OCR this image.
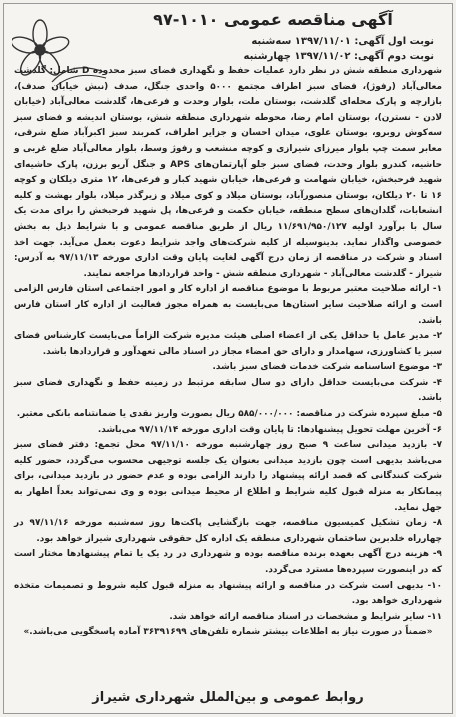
آگهی مناقصه عمومی ۱۰۱۰-۹۷
نوبت اول آگهی: ۱۳۹۷/۱۱/۰۱ سه‌شنبه
نوبت دوم آگهی: ۱۳۹۷/۱۱/۰۲ چهارشنبه

شهرداری منطقه شش در نظر دارد عملیات حفظ و نگهداری فضای سبز محدوده D شامل: گلدشت معالی‌آباد (رفوژ)، فضای سبز اطراف مجتمع ۵۰۰۰ واحدی جنگل، صدف (نبش خیابان صدف)، بازارچه و پارک محله‌ای گلدشت، بوستان ملت، بلوار وحدت و فرعی‌ها، گلدشت معالی‌آباد (خیابان لادن - نسترن)، بوستان امام رضا، محوطه شهرداری منطقه شش، بوستان اندیشه و فضای سبز سه‌کوش روبرو، بوستان علوی، میدان احسان و جزایر اطراف، کمربند سبز اکبرآباد ضلع شرقی، معابر سمت چپ بلوار میرزای شیرازی و کوچه منشعب و رفوژ وسط، بلوار معالی‌آباد ضلع غربی و حاشیه، کندرو بلوار وحدت، فضای سبز جلو آپارتمان‌های APS و جنگل آریو برزن، پارک حاشیه‌ای شهید فرحبخش، خیابان شهامت و فرعی‌ها، خیابان شهید کبار و فرعی‌ها، ۱۲ متری دیلکان و کوچه ۱۶ تا ۲۰ دیلکان، بوستان منصورآباد، بوستان میلاد و کوی میلاد و زیرگذر میلاد، بلوار بهشت و کلیه انشعابات، گلدان‌های سطح منطقه، خیابان حکمت و فرعی‌ها، پل شهید فرحبخش را برای مدت یک سال با برآورد اولیه ۱۱/۶۹۱/۹۵۰/۱۲۷ ریال از طریق مناقصه عمومی و با شرایط ذیل به بخش خصوصی واگذار نماید. بدینوسیله از کلیه شرکت‌های واجد شرایط دعوت بعمل می‌آید. جهت اخذ اسناد و شرکت در مناقصه از زمان درج آگهی لغایت پایان وقت اداری مورخه ۹۷/۱۱/۱۳ به آدرس: شیراز - گلدشت معالی‌آباد - شهرداری منطقه شش - واحد قراردادها مراجعه نمایند.

۱- ارائه صلاحیت معتبر مربوط با موضوع مناقصه از اداره کار و امور اجتماعی استان فارس الزامی است و ارائه صلاحیت سایر استان‌ها می‌بایست به همراه مجوز فعالیت از اداره کار استان فارس باشد.

۲- مدیر عامل یا حداقل یکی از اعضاء اصلی هیئت مدیره شرکت الزاماً می‌بایست کارشناس فضای سبز یا کشاورزی، سهامدار و دارای حق امضاء مجاز در اسناد مالی تعهدآور و قراردادها باشد.

۳- موضوع اساسنامه شرکت خدمات فضای سبز باشد.

۴- شرکت می‌بایست حداقل دارای دو سال سابقه مرتبط در زمینه حفظ و نگهداری فضای سبز باشد.

۵- مبلغ سپرده شرکت در مناقصه: ۵۸۵/۰۰۰/۰۰۰ ریال بصورت واریز نقدی یا ضمانتنامه بانکی معتبر.

۶- آخرین مهلت تحویل پیشنهادها: تا پایان وقت اداری مورخه ۹۷/۱۱/۱۴ می‌باشد.

۷- بازدید میدانی ساعت ۹ صبح روز چهارشنبه مورخه ۹۷/۱۱/۱۰ محل تجمع: دفتر فضای سبز می‌باشد بدیهی است چون بازدید میدانی بعنوان یک جلسه توجیهی محسوب می‌گردد، حضور کلیه شرکت کنندگانی که قصد ارائه پیشنهاد را دارند الزامی بوده و عدم حضور در بازدید میدانی، برای پیمانکار به منزله قبول کلیه شرایط و اطلاع از محیط میدانی بوده و وی نمی‌تواند بعداً اظهار به جهل نماید.

۸- زمان تشکیل کمیسیون مناقصه، جهت بازگشایی پاکت‌ها روز سه‌شنبه مورخه ۹۷/۱۱/۱۶ در چهارراه خلدبرین ساختمان شهرداری منطقه یک اداره کل حقوقی شهرداری شیراز خواهد بود.

۹- هزینه درج آگهی بعهده برنده مناقصه بوده و شهرداری در رد یک یا تمام پیشنهادها مختار است که در اینصورت سپرده‌ها مسترد می‌گردد.

۱۰- بدیهی است شرکت در مناقصه و ارائه پیشنهاد به منزله قبول کلیه شروط و تصمیمات متخذه شهرداری خواهد بود.

۱۱- سایر شرایط و مشخصات در اسناد مناقصه ارائه خواهد شد.

«ضمناً در صورت نیاز به اطلاعات بیشتر شماره تلفن‌های ۳۶۳۹۱۶۹۹ آماده پاسخگویی می‌باشد.»

روابط عمومی و بین‌الملل شهرداری شیراز
